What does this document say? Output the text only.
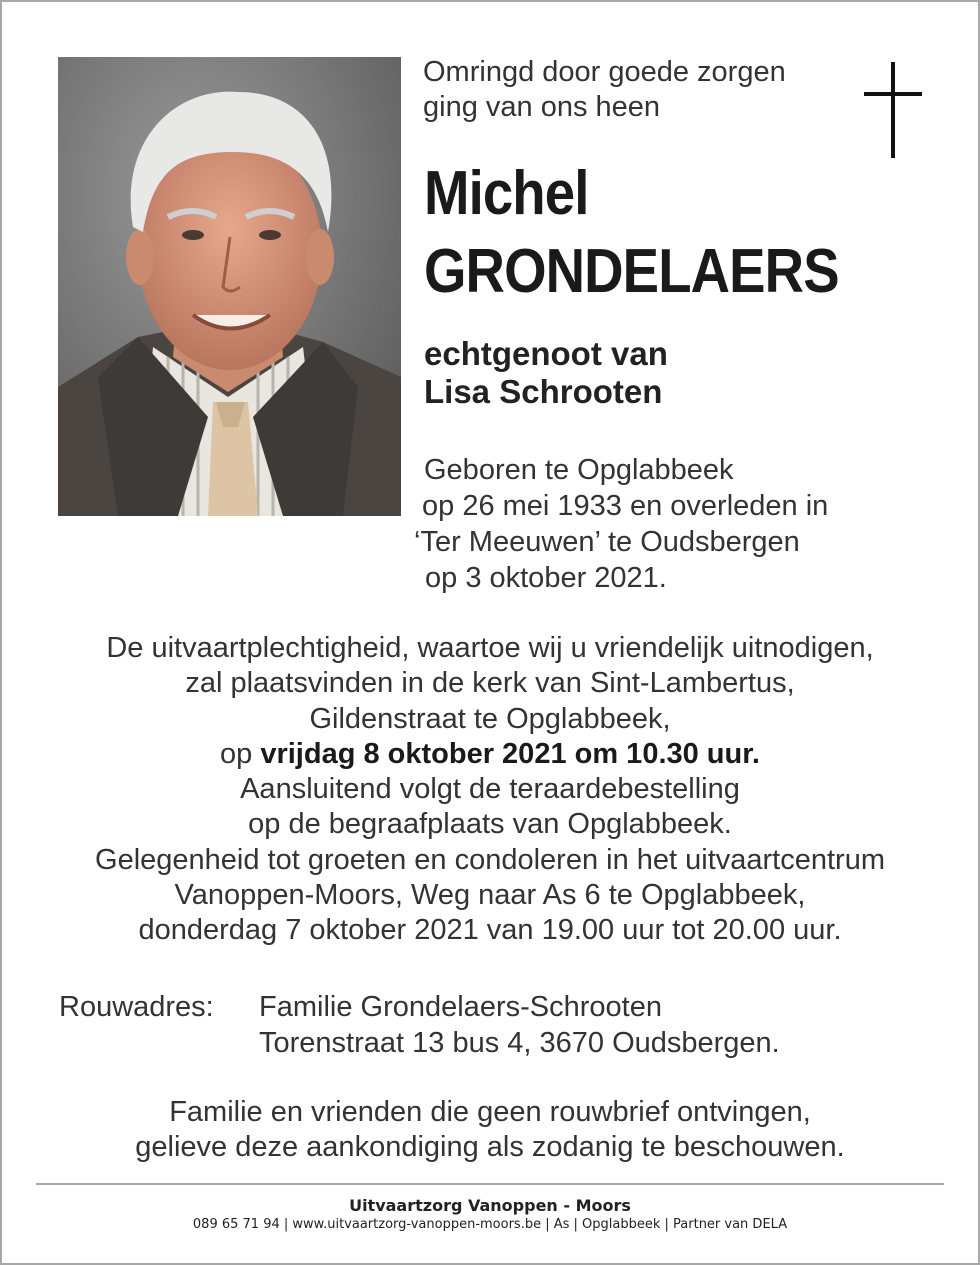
Omringd door goede zorgen
ging van ons heen
Michel
GRONDELAERS
echtgenoot van
Lisa Schrooten
Geboren te Opglabbeek
op 26 mei 1933 en overleden in
‘Ter Meeuwen’ te Oudsbergen
op 3 oktober 2021.
De uitvaartplechtigheid, waartoe wij u vriendelijk uitnodigen,
zal plaatsvinden in de kerk van Sint-Lambertus,
Gildenstraat te Opglabbeek,
op vrijdag 8 oktober 2021 om 10.30 uur.
Aansluitend volgt de teraardebestelling
op de begraafplaats van Opglabbeek.
Gelegenheid tot groeten en condoleren in het uitvaartcentrum
Vanoppen-Moors, Weg naar As 6 te Opglabbeek,
donderdag 7 oktober 2021 van 19.00 uur tot 20.00 uur.
Rouwadres: Familie Grondelaers-Schrooten
Torenstraat 13 bus 4, 3670 Oudsbergen.
Familie en vrienden die geen rouwbrief ontvingen,
gelieve deze aankondiging als zodanig te beschouwen.
Uitvaartzorg Vanoppen - Moors
089 65 71 94 | www.uitvaartzorg-vanoppen-moors.be | As | Opglabbeek | Partner van DELA
